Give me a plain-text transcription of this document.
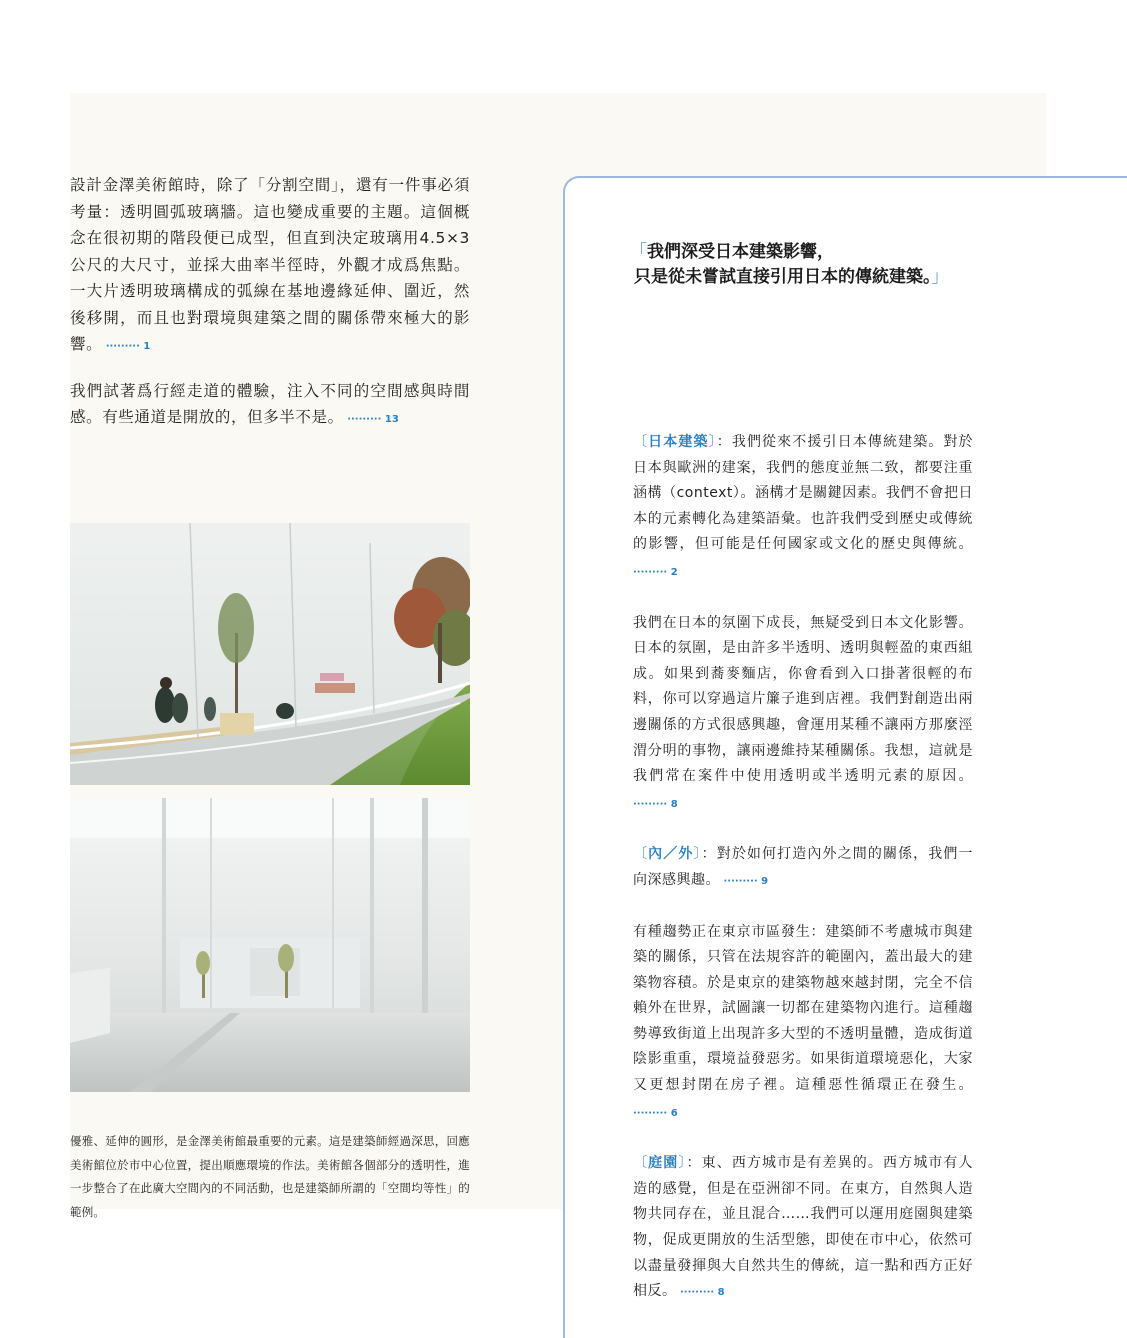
設計金澤美術館時，除了「分割空間」，還有一件事必須考量：透明圓弧玻璃牆。這也變成重要的主題。這個概念在很初期的階段便已成型，但直到決定玻璃用4.5×3公尺的大尺寸，並採大曲率半徑時，外觀才成爲焦點。一大片透明玻璃構成的弧線在基地邊緣延伸、圍近，然後移開，而且也對環境與建築之間的關係帶來極大的影響。 ········· 1

我們試著爲行經走道的體驗，注入不同的空間感與時間感。有些通道是開放的，但多半不是。 ········· 13

優雅、延伸的圓形，是金澤美術館最重要的元素。這是建築師經過深思，回應美術館位於市中心位置，提出順應環境的作法。美術館各個部分的透明性，進一步整合了在此廣大空間內的不同活動，也是建築師所謂的「空間均等性」的範例。
「我們深受日本建築影響，
只是從未嘗試直接引用日本的傳統建築。」

〔日本建築〕：我們從來不援引日本傳統建築。對於日本與歐洲的建案，我們的態度並無二致，都要注重涵構（context）。涵構才是關鍵因素。我們不會把日本的元素轉化為建築語彙。也許我們受到歷史或傳統的影響，但可能是任何國家或文化的歷史與傳統。 ········· 2

我們在日本的氛圍下成長，無疑受到日本文化影響。日本的氛圍，是由許多半透明、透明與輕盈的東西組成。如果到蕎麥麵店，你會看到入口掛著很輕的布料，你可以穿過這片簾子進到店裡。我們對創造出兩邊關係的方式很感興趣，會運用某種不讓兩方那麼涇渭分明的事物，讓兩邊維持某種關係。我想，這就是我們常在案件中使用透明或半透明元素的原因。 ········· 8

〔內／外〕：對於如何打造內外之間的關係，我們一向深感興趣。 ········· 9

有種趨勢正在東京市區發生：建築師不考慮城市與建築的關係，只管在法規容許的範圍內，蓋出最大的建築物容積。於是東京的建築物越來越封閉，完全不信賴外在世界，試圖讓一切都在建築物內進行。這種趨勢導致街道上出現許多大型的不透明量體，造成街道陰影重重，環境益發惡劣。如果街道環境惡化，大家又更想封閉在房子裡。這種惡性循環正在發生。 ········· 6

〔庭園〕：東、西方城市是有差異的。西方城市有人造的感覺，但是在亞洲卻不同。在東方，自然與人造物共同存在，並且混合……我們可以運用庭園與建築物，促成更開放的生活型態，即使在市中心，依然可以盡量發揮與大自然共生的傳統，這一點和西方正好相反。 ········· 8
